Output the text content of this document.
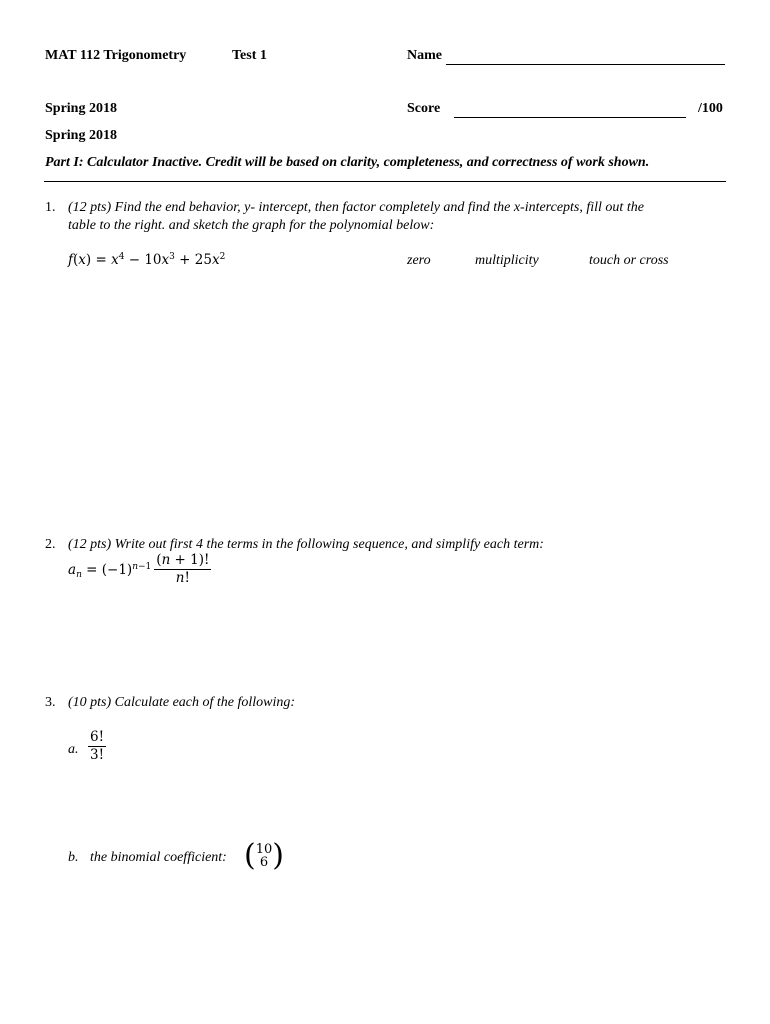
MAT 112 Trigonometry	Test 1	Name
Spring 2018	Score	/100
Spring 2018
Part I: Calculator Inactive. Credit will be based on clarity, completeness, and correctness of work shown.
1. (12 pts) Find the end behavior, y- intercept, then factor completely and find the x-intercepts, fill out the
table to the right. and sketch the graph for the polynomial below:
$f(x) = x^4 - 10x^3 + 25x^2$	zero	multiplicity	touch or cross
2. (12 pts) Write out first 4 the terms in the following sequence, and simplify each term:
$a_n = (-1)^{n-1} \frac{(n + 1)!}{n!}$
3. (10 pts) Calculate each of the following:
a. $\frac{6!}{3!}$
b. the binomial coefficient: ( 10
6 )
